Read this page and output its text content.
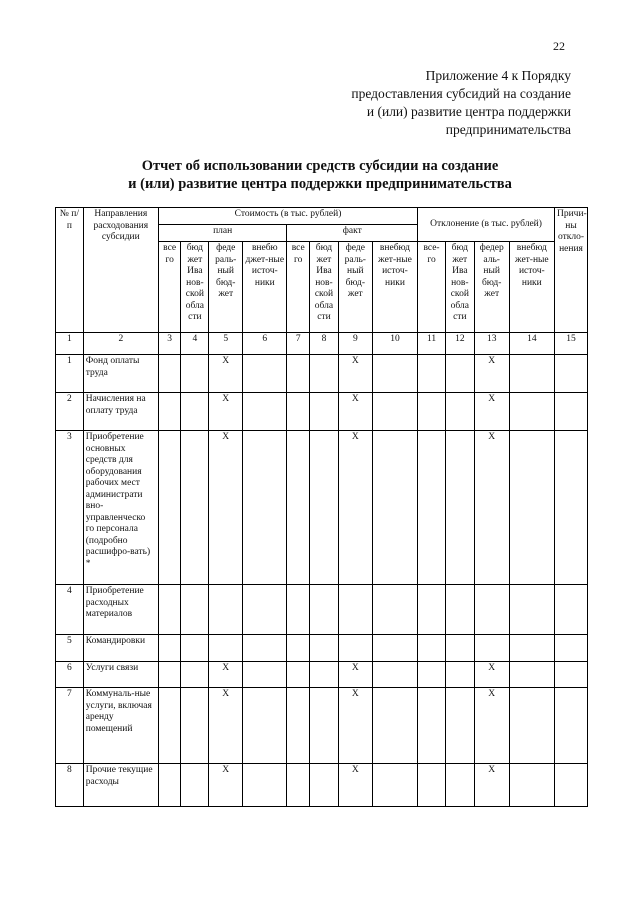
22
Приложение 4 к Порядку
предоставления субсидий на создание
и (или) развитие центра поддержки
предпринимательства
Отчет об использовании средств субсидии на создание
и (или) развитие центра поддержки предпринимательства
№ п/п	Направления расходования субсидии	Стоимость (в тыс. рублей)								Отклонение (в тыс. рублей)				Причи-ны откло-нения
		план				факт								
		все го	бюд жет Ива нов-ской обла сти	феде раль-ный бюд-жет	внебю джет-ные источ-ники	все го	бюд жет Ива нов-ской обла сти	феде раль-ный бюд-жет	внебюд жет-ные источ-ники	все-го	бюд жет Ива нов-ской обла сти	федер аль-ный бюд-жет	внебюд жет-ные источ-ники	
1	2	3	4	5	6	7	8	9	10	11	12	13	14	15
1	Фонд оплаты труда			X				X				X		
2	Начисления на оплату труда			X				X				X		
3	Приобретение основных средств для оборудования рабочих мест администрати вно-управленческо го персонала (подробно расшифро-вать) *			X				X				X		
4	Приобретение расходных материалов													
5	Командировки													
6	Услуги связи			X				X				X		
7	Коммуналь-ные услуги, включая аренду помещений			X				X				X		
8	Прочие текущие расходы			X				X				X		
